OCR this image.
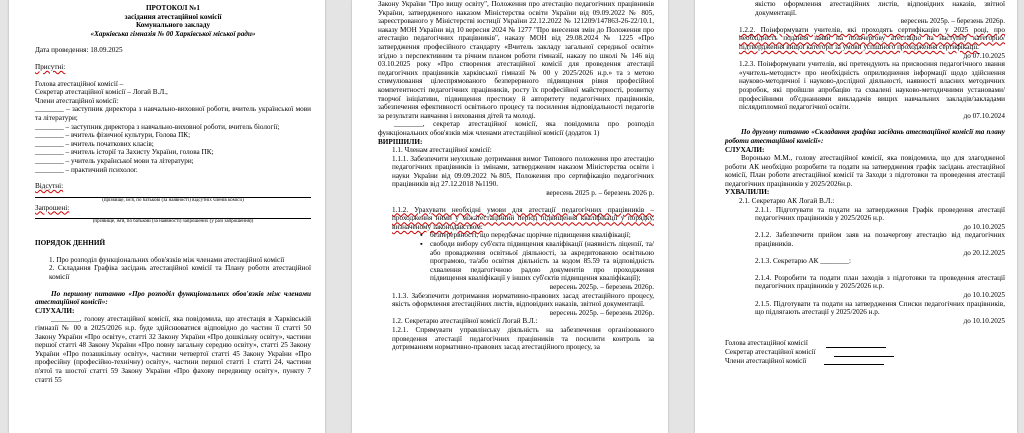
ПРОТОКОЛ №1

засідання атестаційної комісії

Комунального закладу

«Харківська гімназія № 00 Харківської міської ради»

Дата проведення: 18.09.2025

Присутні:

Голова атестаційної комісії –

Секретар атестаційної комісії – Логай В.Л.,

Члени атестаційної комісії:

________ – заступник директора з навчально-виховної роботи, вчитель української мови та літератури;

________ – заступник директора з навчально-виховної роботи, вчитель біології;

________ – вчитель фізичної культури, Голова ПК;

________ – вчитель початкових класів;

________ – вчитель історії та Захисту України, голова ПК;

________ – учитель української мови та літератури;

________ – практичний психолог.

Відсутні:

(прізвище, ім'я, по батькові (за наявності) відсутніх членів комісії)

Запрошені:

(прізвище, ім'я, по батькові (за наявності) запрошених (у разі запрошення))

ПОРЯДОК ДЕННИЙ

1. Про розподіл функціональних обов'язків між членами атестаційної комісії

2. Складання Графіка засідань атестаційної комісії та Плану роботи атестаційної комісії

По першому питанню «Про розподіл функціональних обов'язків між членами атестаційної комісії»:

СЛУХАЛИ:

________, голову атестаційної комісії, яка повідомила, що атестація в Харківській гімназії № 00 в 2025/2026 н.р. буде здійснюватися відповідно до частин її статті 50 Закону України «Про освіту», статті 32 Закону України «Про дошкільну освіту», частини першої статті 48 Закону України «Про повну загальну середню освіту», статті 25 Закону України «Про позашкільну освіту», частини четвертої статті 45 Закону України «Про професійну (професійно-технічну) освіту», частини першої статті 1 статті 24, частини п'ятої та шостої статті 59 Закону України «Про фахову передвищу освіту», пункту 7 статті 55

Закону України "Про вищу освіту", Положення про атестацію педагогічних працівників України, затвердженого наказом Міністерства освіти України від 09.09.2022 № 805, зареєстрованого у Міністерстві юстиції України 22.12.2022 № 121209/147863-26-22/10.1, наказу МОН України від 10 вересня 2024 № 1277 "Про внесення змін до Положення про атестацію педагогічних працівників", наказу МОН від 29.08.2024 № 1225 «Про затвердження професійного стандарту «Вчитель закладу загальної середньої освіти» згідно з перспективним та річним планом роботи гімназії, наказу по школі № 146 від 03.10.2025 року «Про створення атестаційної комісії для проведення атестації педагогічних працівників харківської гімназії № 00 у 2025/2026 н.р.» та з метою стимулювання цілеспрямованого безперервного підвищення рівня професійної компетентності педагогічних працівників, росту їх професійної майстерності, розвитку творчої ініціативи, підвищення престижу й авторитету педагогічних працівників, забезпечення ефективності освітнього процесу та посилення відповідальності педагогів за результати навчання і виховання дітей та молоді.

________, секретар атестаційної комісії, яка повідомила про розподіл функціональних обов'язків між членами атестаційної комісії (додаток 1)

ВИРІШИЛИ:

1.1. Членам атестаційної комісії:

1.1.1. Забезпечити неухильне дотримання вимог Типового положення про атестацію педагогічних працівників із змінами, затвердженим наказом Міністерства освіти і науки України від 09.09.2022 №805, Положення про сертифікацію педагогічних працівників від 27.12.2018 №1190.

вересень 2025 р. – березень 2026 р.

1.1.2. Урахувати необхідні умови для атестації педагогічних працівників – проходження ними у міжатестаційний період підвищення кваліфікації у порядку, визначеному законодавством:

▪ безперервності, що передбачає щорічне підвищення кваліфікації;

▪ свободи вибору суб'єкта підвищення кваліфікації (наявність ліцензії, та/або провадження освітньої діяльності, за акредитованою освітньою програмою, та/або освітня діяльність за кодом 85.59 та відповідність схвалення педагогічною радою документів про проходження підвищення кваліфікації у інших суб'єктів підвищення кваліфікації);

вересень 2025р. – березень 2026р.

1.1.3. Забезпечити дотримання нормативно-правових засад атестаційного процесу, якість оформлення атестаційних листів, відповідних наказів, звітної документації.

вересень 2025р. – березень 2026р.

1.2. Секретарю атестаційної комісії Логай В.Л.:

1.2.1. Спрямувати управлінську діяльність на забезпечення організованого проведення атестації педагогічних працівників та посилити контроль за дотриманням нормативно-правових засад атестаційного процесу, за

якістю оформлення атестаційних листів, відповідних наказів, звітної документації.

вересень 2025р. – березень 2026р.

1.2.2. Поінформувати учителів, які проходять сертифікацію у 2025 році, про необхідність подання заяви на позачергову атестацію на наступну категорію/підтвердження вищої категорії за умови успішного проходження сертифікації.

до 07.10.2025

1.2.3. Поінформувати учителів, які претендують на присвоєння педагогічного звання «учитель-методист» про необхідність оприлюднення інформації щодо здійснення науково-методичної і науково-дослідної діяльності, наявності власних методичних розробок, які пройшли апробацію та схвалені науково-методичними установами/професійними об'єднаннями викладачів вищих навчальних закладів/закладами післядипломної педагогічної освіти.

до 07.10.2024

По другому питанню «Складання графіка засідань атестаційної комісії та плану роботи атестаційної комісії»:

СЛУХАЛИ:

Воронько М.М., голову атестаційної комісії, яка повідомила, що для злагодженої роботи АК необхідно розробити та подати на затвердження графік засідань атестаційної комісії, План роботи атестаційної комісії та Заходи з підготовки та проведення атестації педагогічних працівників у 2025/2026н.р.

УХВАЛИЛИ:

2.1. Секретарю АК Логай В.Л.:

2.1.1. Підготувати та подати на затвердження Графік проведення атестації педагогічних працівників у 2025/2026 н.р.

до 10.10.2025

2.1.2. Забезпечити прийом заяв на позачергову атестацію від педагогічних працівників.

до 20.12.2025

2.1.3. Секретарю АК ________:

2.1.4. Розробити та подати план заходів з підготовки та проведення атестації педагогічних працівників у 2025/2026 н.р.

до 10.10.2025

2.1.5. Підготувати та подати на затвердження Списки педагогічних працівників, що підлягають атестації у 2025/2026 н.р.

до 10.10.2025

Голова атестаційної комісії

Секретар атестаційної комісії

Члени атестаційної комісії
